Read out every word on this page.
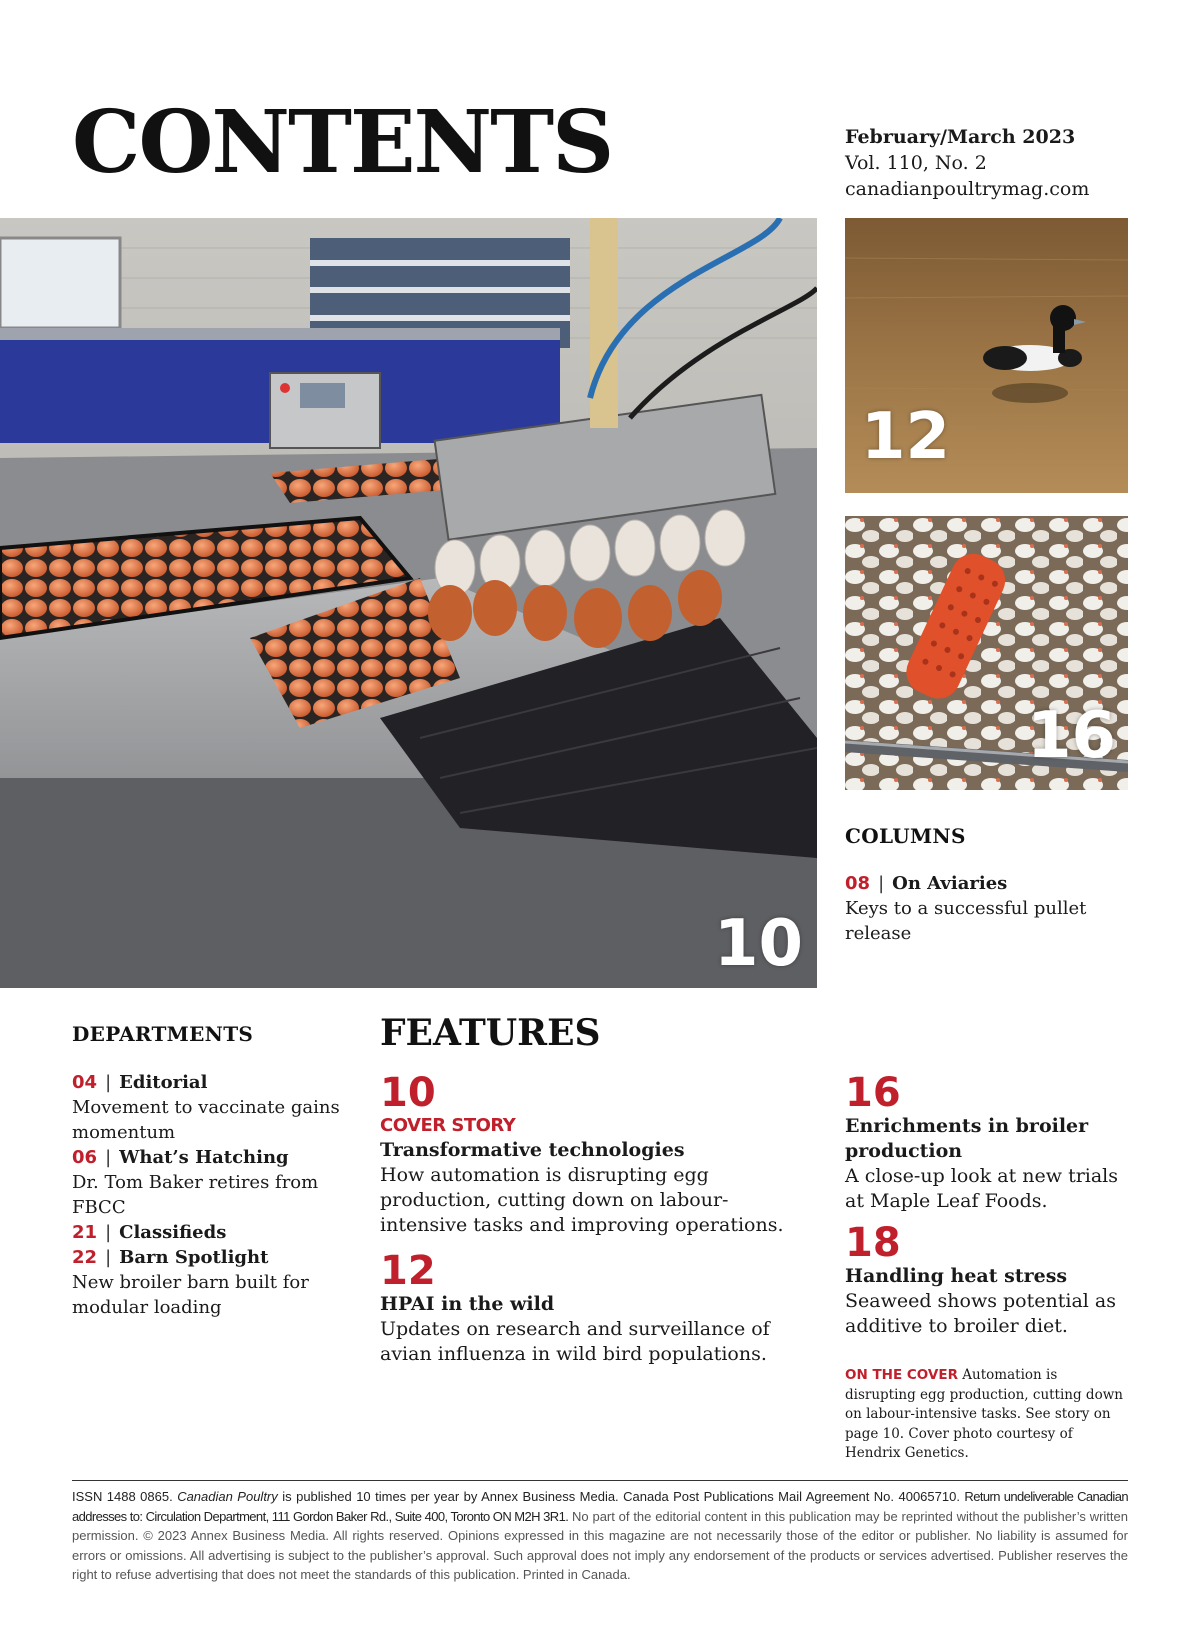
CONTENTS	February/March 2023
Vol. 110, No. 2
canadianpoultrymag.com
10
12
16
COLUMNS
08 | On Aviaries
Keys to a successful pullet release
DEPARTMENTS
04 | Editorial
Movement to vaccinate gains momentum
06 | What’s Hatching
Dr. Tom Baker retires from FBCC
21 | Classifieds
22 | Barn Spotlight
New broiler barn built for modular loading
FEATURES
10
COVER STORY
Transformative technologies
How automation is disrupting egg production, cutting down on labour-intensive tasks and improving operations.
12
HPAI in the wild
Updates on research and surveillance of avian influenza in wild bird populations.
16
Enrichments in broiler production
A close-up look at new trials at Maple Leaf Foods.
18
Handling heat stress
Seaweed shows potential as additive to broiler diet.
ON THE COVER Automation is disrupting egg production, cutting down on labour-intensive tasks. See story on page 10. Cover photo courtesy of Hendrix Genetics.
ISSN 1488 0865. Canadian Poultry is published 10 times per year by Annex Business Media. Canada Post Publications Mail Agreement No. 40065710. Return undeliverable Canadian addresses to: Circulation Department, 111 Gordon Baker Rd., Suite 400, Toronto ON M2H 3R1. No part of the editorial content in this publication may be reprinted without the publisher’s written permission. © 2023 Annex Business Media. All rights reserved. Opinions expressed in this magazine are not necessarily those of the editor or publisher. No liability is assumed for errors or omissions. All advertising is subject to the publisher’s approval. Such approval does not imply any endorsement of the products or services advertised. Publisher reserves the right to refuse advertising that does not meet the standards of this publication. Printed in Canada.
